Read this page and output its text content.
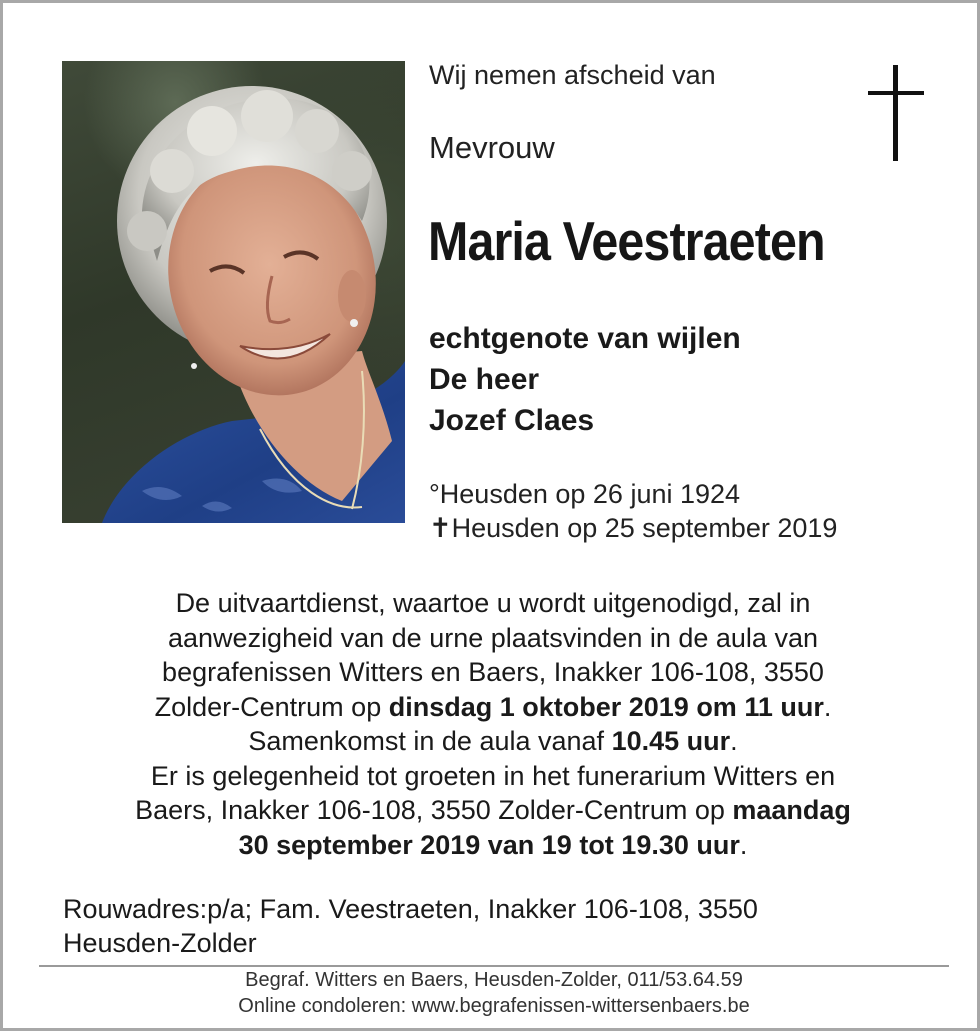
Wij nemen afscheid van
Mevrouw
Maria Veestraeten
echtgenote van wijlen
De heer
Jozef Claes
°Heusden op 26 juni 1924
✝Heusden op 25 september 2019
De uitvaartdienst, waartoe u wordt uitgenodigd, zal in
aanwezigheid van de urne plaatsvinden in de aula van
begrafenissen Witters en Baers, Inakker 106-108, 3550
Zolder-Centrum op dinsdag 1 oktober 2019 om 11 uur.
Samenkomst in de aula vanaf 10.45 uur.
Er is gelegenheid tot groeten in het funerarium Witters en
Baers, Inakker 106-108, 3550 Zolder-Centrum op maandag
30 september 2019 van 19 tot 19.30 uur.
Rouwadres:p/a; Fam. Veestraeten, Inakker 106-108, 3550
Heusden-Zolder
Begraf. Witters en Baers, Heusden-Zolder, 011/53.64.59
Online condoleren: www.begrafenissen-wittersenbaers.be
